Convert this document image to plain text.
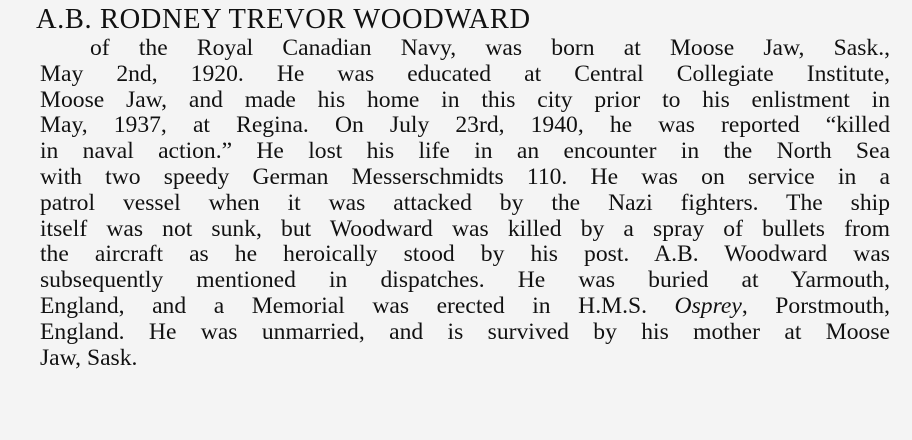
A.B. RODNEY TREVOR WOODWARD
of the Royal Canadian Navy, was born at Moose Jaw, Sask.,
May 2nd, 1920. He was educated at Central Collegiate Institute,
Moose Jaw, and made his home in this city prior to his enlistment in
May, 1937, at Regina. On July 23rd, 1940, he was reported “killed
in naval action.” He lost his life in an encounter in the North Sea
with two speedy German Messerschmidts 110. He was on service in a
patrol vessel when it was attacked by the Nazi fighters. The ship
itself was not sunk, but Woodward was killed by a spray of bullets from
the aircraft as he heroically stood by his post. A.B. Woodward was
subsequently mentioned in dispatches. He was buried at Yarmouth,
England, and a Memorial was erected in H.M.S. Osprey, Porstmouth,
England. He was unmarried, and is survived by his mother at Moose
Jaw, Sask.
